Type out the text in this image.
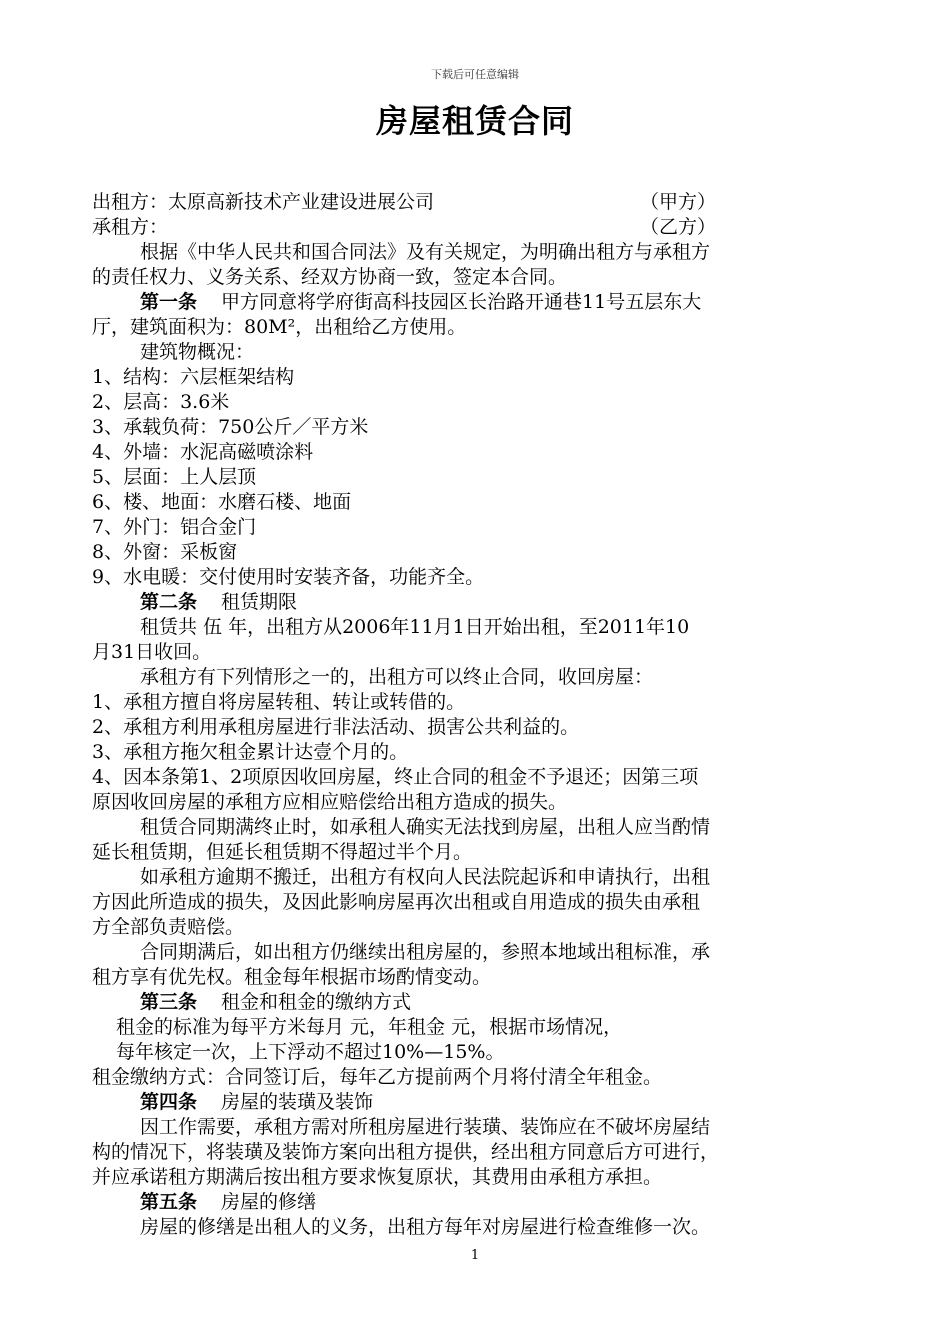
下载后可任意编辑
房屋租赁合同
出租方：太原高新技术产业建设进展公司	（甲方）
承租方：	（乙方）
根据《中华人民共和国合同法》及有关规定，为明确出租方与承租方
的责任权力、义务关系、经双方协商一致，签定本合同。
第一条 甲方同意将学府街高科技园区长治路开通巷11号五层东大
厅，建筑面积为：80M²，出租给乙方使用。
建筑物概况：
1、结构：六层框架结构
2、层高：3.6米
3、承载负荷：750公斤／平方米
4、外墙：水泥高磁喷涂料
5、层面：上人层顶
6、楼、地面：水磨石楼、地面
7、外门：铝合金门
8、外窗：采板窗
9、水电暖：交付使用时安装齐备，功能齐全。
第二条 租赁期限
租赁共 伍 年，出租方从2006年11月1日开始出租，至2011年10
月31日收回。
承租方有下列情形之一的，出租方可以终止合同，收回房屋：
1、承租方擅自将房屋转租、转让或转借的。
2、承租方利用承租房屋进行非法活动、损害公共利益的。
3、承租方拖欠租金累计达壹个月的。
4、因本条第1、2项原因收回房屋，终止合同的租金不予退还；因第三项
原因收回房屋的承租方应相应赔偿给出租方造成的损失。
租赁合同期满终止时，如承租人确实无法找到房屋，出租人应当酌情
延长租赁期，但延长租赁期不得超过半个月。
如承租方逾期不搬迁，出租方有权向人民法院起诉和申请执行，出租
方因此所造成的损失，及因此影响房屋再次出租或自用造成的损失由承租
方全部负责赔偿。
合同期满后，如出租方仍继续出租房屋的，参照本地域出租标准，承
租方享有优先权。租金每年根据市场酌情变动。
第三条 租金和租金的缴纳方式
租金的标准为每平方米每月 元，年租金 元，根据市场情况，
每年核定一次，上下浮动不超过10%—15%。
租金缴纳方式：合同签订后，每年乙方提前两个月将付清全年租金。
第四条 房屋的装璜及装饰
因工作需要，承租方需对所租房屋进行装璜、装饰应在不破坏房屋结
构的情况下，将装璜及装饰方案向出租方提供，经出租方同意后方可进行，
并应承诺租方期满后按出租方要求恢复原状，其费用由承租方承担。
第五条 房屋的修缮
房屋的修缮是出租人的义务，出租方每年对房屋进行检查维修一次。
1
